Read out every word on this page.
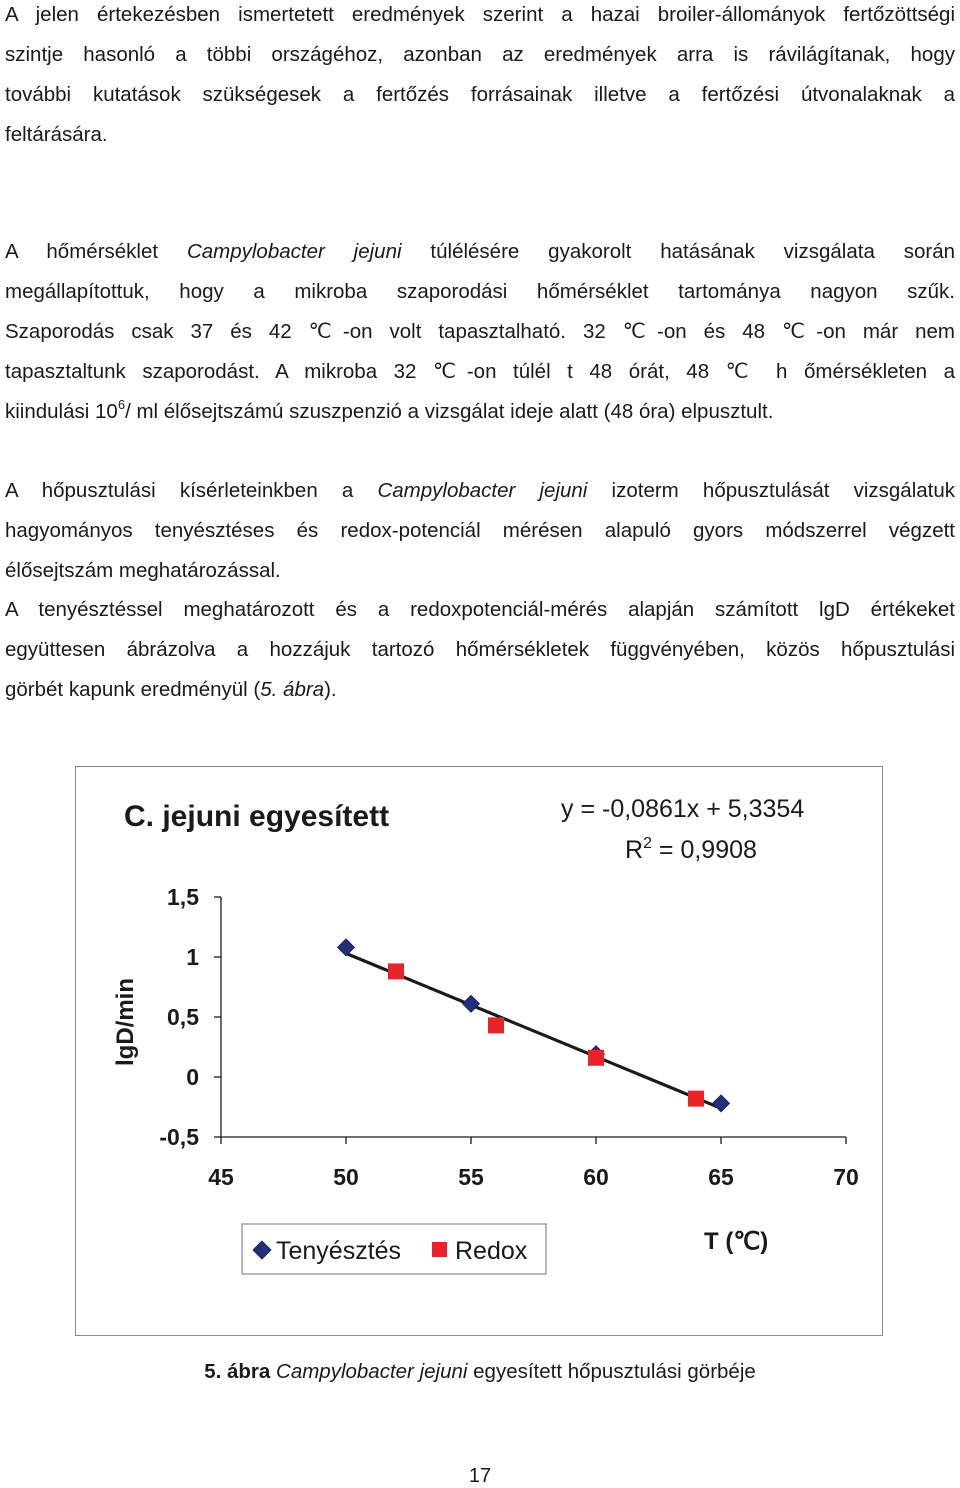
A jelen értekezésben ismertetett eredmények szerint a hazai broiler-állományok fertőzöttségi
szintje hasonló a többi országéhoz, azonban az eredmények arra is rávilágítanak, hogy
további kutatások szükségesek a fertőzés forrásainak illetve a fertőzési útvonalaknak a
feltárására.
A hőmérséklet Campylobacter jejuni túlélésére gyakorolt hatásának vizsgálata során
megállapítottuk, hogy a mikroba szaporodási hőmérséklet tartománya nagyon szűk.
Szaporodás csak 37 és 42 ℃-on volt tapasztalható. 32 ℃-on és 48 ℃-on már nem
tapasztaltunk szaporodást. A mikroba 32 ℃-on túlél t 48 órát, 48 ℃ h őmérsékleten a
kiindulási $10^6/$ ml élősejtszámú szuszpenzió a vizsgálat ideje alatt (48 óra) elpusztult.
A hőpusztulási kísérleteinkben a Campylobacter jejuni izoterm hőpusztulását vizsgálatuk
hagyományos tenyésztéses és redox-potenciál mérésen alapuló gyors módszerrel végzett
élősejtszám meghatározással.
A tenyésztéssel meghatározott és a redoxpotenciál-mérés alapján számított lgD értékeket
együttesen ábrázolva a hozzájuk tartozó hőmérsékletek függvényében, közös hőpusztulási
görbét kapunk eredményül (5. ábra).
C. jejuni egyesített	y = -0,0861x + 5,3354
$R^2 = 0,9908$
lgD/min
T (℃)
1,5
1
0,5
0
-0,5
45	50	55	60	65	70
Tenyésztés Redox

5. ábra Campylobacter jejuni egyesített hőpusztulási görbéje

17
